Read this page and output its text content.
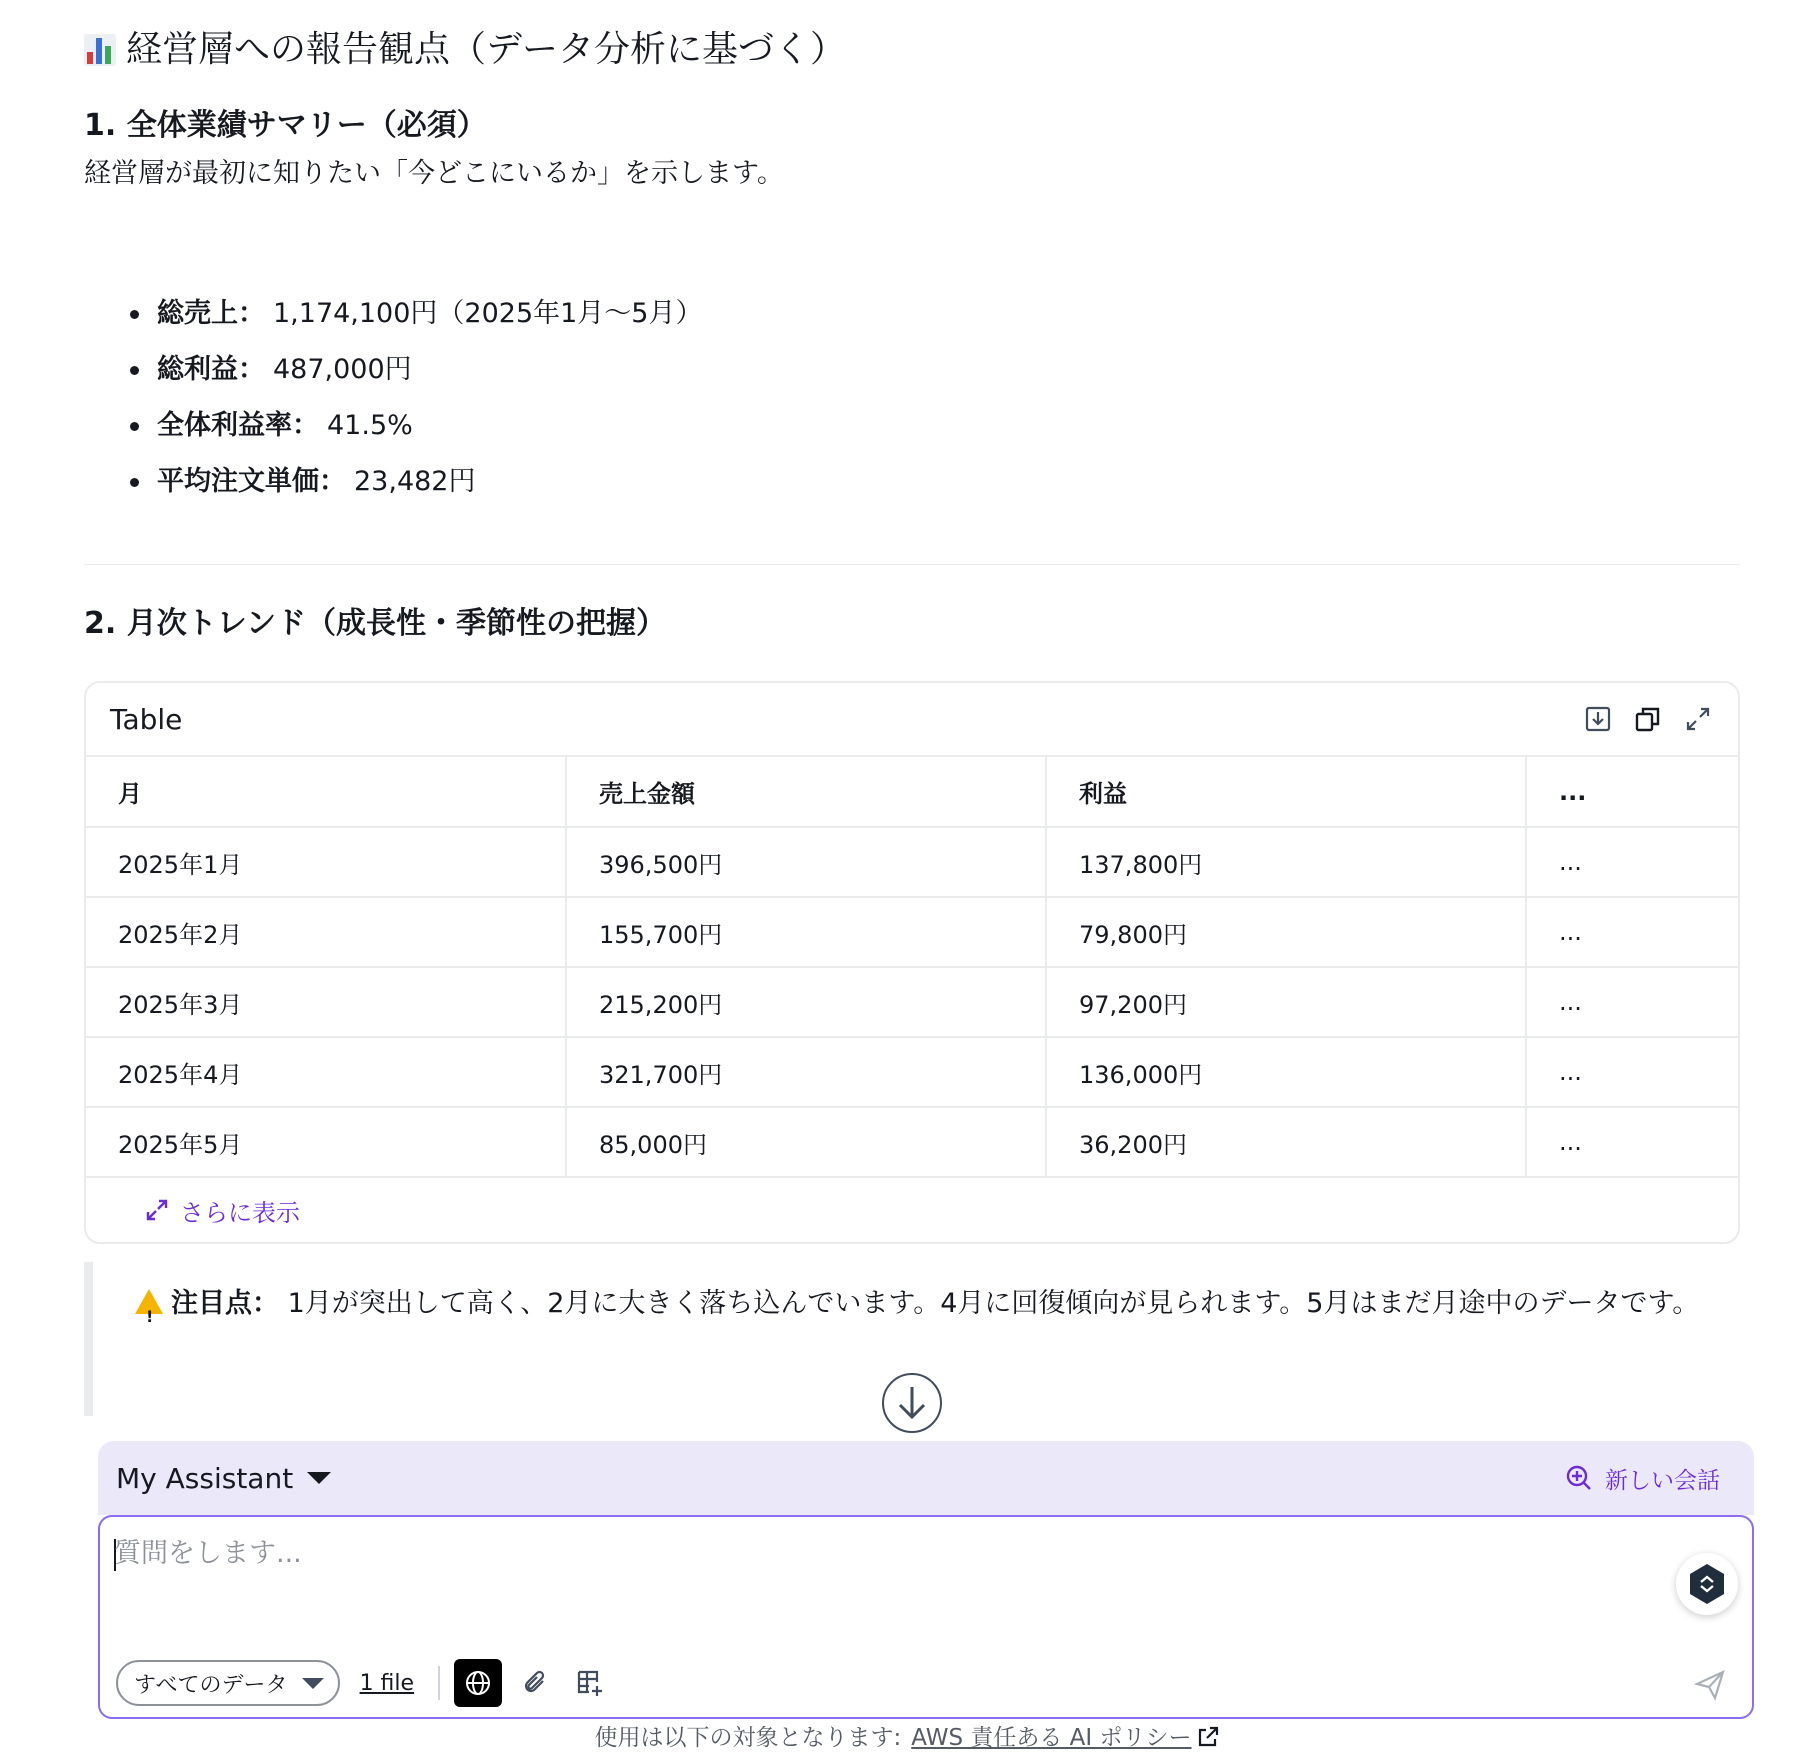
経営層への報告観点（データ分析に基づく）
1. 全体業績サマリー（必須）

経営層が最初に知りたい「今どこにいるか」を示します。

総売上： 1,174,100円（2025年1月〜5月）
総利益： 487,000円
全体利益率： 41.5%
平均注文単価： 23,482円
2. 月次トレンド（成長性・季節性の把握）
Table
月	売上金額	利益	...
2025年1月	396,500円	137,800円	...
2025年2月	155,700円	79,800円	...
2025年3月	215,200円	97,200円	...
2025年4月	321,700円	136,000円	...
2025年5月	85,000円	36,200円	...
さらに表示
!注目点： 1月が突出して高く、2月に大きく落ち込んでいます。4月に回復傾向が見られます。5月はまだ月途中のデータです。
My Assistant	新しい会話
質問をします...
すべてのデータ	1 file
使用は以下の対象となります: AWS 責任ある AI ポリシー
